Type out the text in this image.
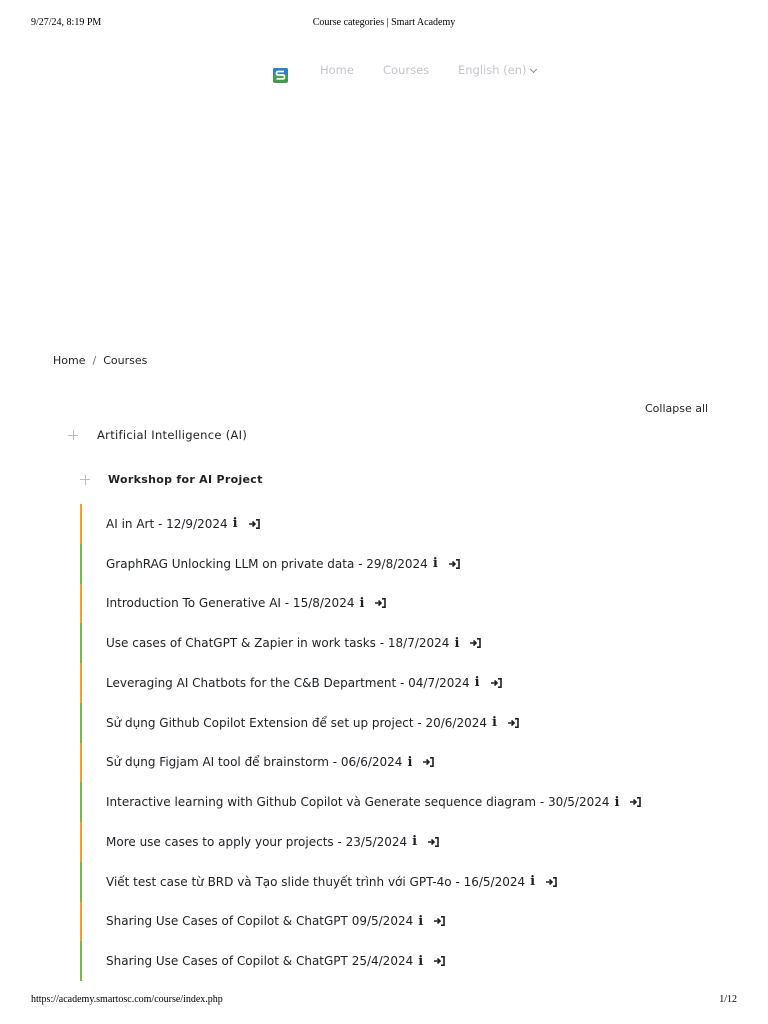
Course categories | Smart Academy
9/27/24, 8:19 PM
Home	Courses	English (en)
Home / Courses
Collapse all
Artificial Intelligence (AI)
Workshop for AI Project
AI in Art - 12/9/2024 i
GraphRAG Unlocking LLM on private data - 29/8/2024 i
Introduction To Generative AI - 15/8/2024 i
Use cases of ChatGPT & Zapier in work tasks - 18/7/2024 i
Leveraging AI Chatbots for the C&B Department - 04/7/2024 i
Sử dụng Github Copilot Extension để set up project - 20/6/2024 i
Sử dụng Figjam AI tool để brainstorm - 06/6/2024 i
Interactive learning with Github Copilot và Generate sequence diagram - 30/5/2024 i
More use cases to apply your projects - 23/5/2024 i
Viết test case từ BRD và Tạo slide thuyết trình với GPT-4o - 16/5/2024 i
Sharing Use Cases of Copilot & ChatGPT 09/5/2024 i
Sharing Use Cases of Copilot & ChatGPT 25/4/2024 i
https://academy.smartosc.com/course/index.php	1/12
